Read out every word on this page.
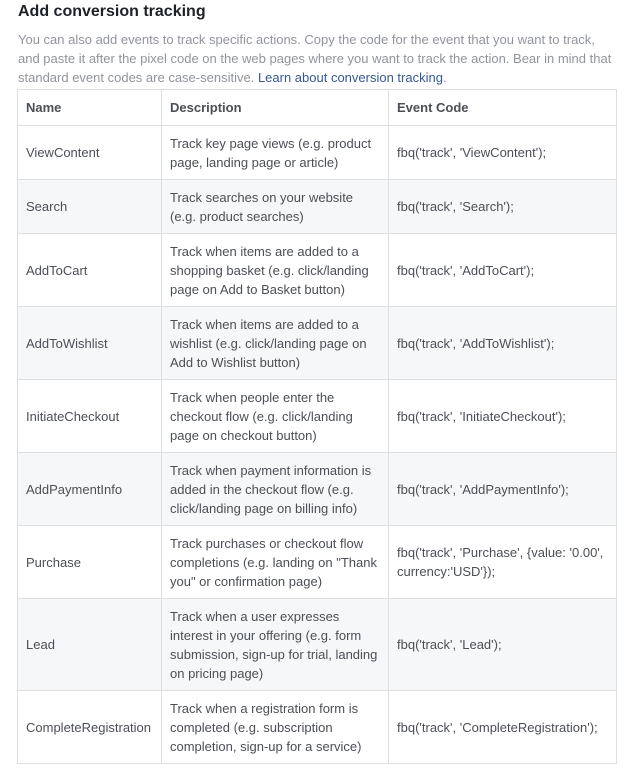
Add conversion tracking

You can also add events to track specific actions. Copy the code for the event that you want to track, and paste it after the pixel code on the web pages where you want to track the action. Bear in mind that standard event codes are case-sensitive. Learn about conversion tracking.

Name	Description	Event Code
ViewContent	Track key page views (e.g. product page, landing page or article)	fbq('track', 'ViewContent');
Search	Track searches on your website (e.g. product searches)	fbq('track', 'Search');
AddToCart	Track when items are added to a shopping basket (e.g. click/landing page on Add to Basket button)	fbq('track', 'AddToCart');
AddToWishlist	Track when items are added to a wishlist (e.g. click/landing page on Add to Wishlist button)	fbq('track', 'AddToWishlist');
InitiateCheckout	Track when people enter the checkout flow (e.g. click/landing page on checkout button)	fbq('track', 'InitiateCheckout');
AddPaymentInfo	Track when payment information is added in the checkout flow (e.g. click/landing page on billing info)	fbq('track', 'AddPaymentInfo');
Purchase	Track purchases or checkout flow completions (e.g. landing on "Thank you" or confirmation page)	fbq('track', 'Purchase', {value: '0.00', currency:'USD'});
Lead	Track when a user expresses interest in your offering (e.g. form submission, sign-up for trial, landing on pricing page)	fbq('track', 'Lead');
CompleteRegistration	Track when a registration form is completed (e.g. subscription completion, sign-up for a service)	fbq('track', 'CompleteRegistration');
